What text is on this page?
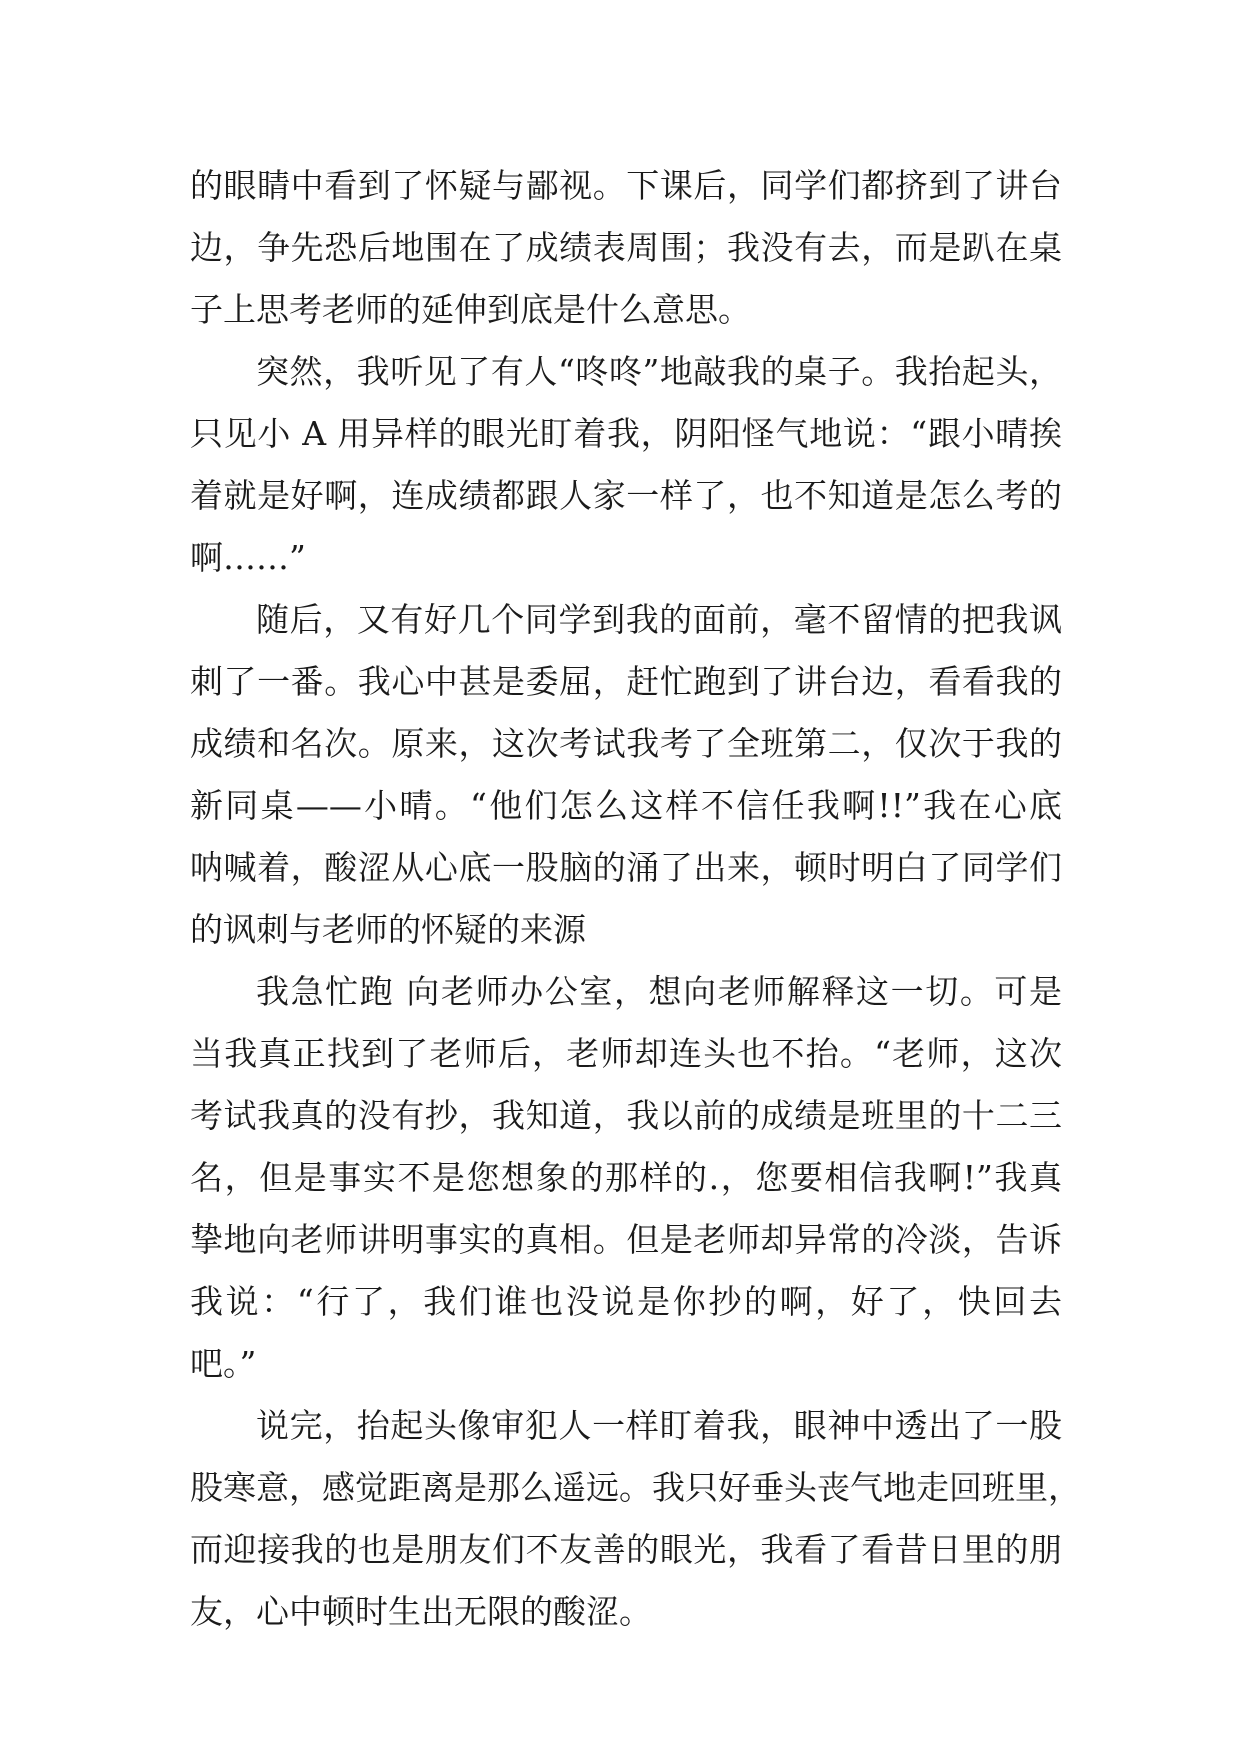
的眼睛中看到了怀疑与鄙视。下课后，同学们都挤到了讲台
边，争先恐后地围在了成绩表周围；我没有去，而是趴在桌
子上思考老师的延伸到底是什么意思。
突然，我听见了有人“咚咚”地敲我的桌子。我抬起头，
只见小 A 用异样的眼光盯着我，阴阳怪气地说：“跟小晴挨
着就是好啊，连成绩都跟人家一样了，也不知道是怎么考的
啊……”
随后，又有好几个同学到我的面前，毫不留情的把我讽
刺了一番。我心中甚是委屈，赶忙跑到了讲台边，看看我的
成绩和名次。原来，这次考试我考了全班第二，仅次于我的
新同桌——小晴。“他们怎么这样不信任我啊!!”我在心底
呐喊着，酸涩从心底一股脑的涌了出来，顿时明白了同学们
的讽刺与老师的怀疑的来源
我急忙跑 向老师办公室，想向老师解释这一切。可是
当我真正找到了老师后，老师却连头也不抬。“老师，这次
考试我真的没有抄，我知道，我以前的成绩是班里的十二三
名，但是事实不是您想象的那样的.，您要相信我啊!”我真
挚地向老师讲明事实的真相。但是老师却异常的冷淡，告诉
我说：“行了，我们谁也没说是你抄的啊，好了，快回去
吧。”
说完，抬起头像审犯人一样盯着我，眼神中透出了一股
股寒意，感觉距离是那么遥远。我只好垂头丧气地走回班里，
而迎接我的也是朋友们不友善的眼光，我看了看昔日里的朋
友，心中顿时生出无限的酸涩。
